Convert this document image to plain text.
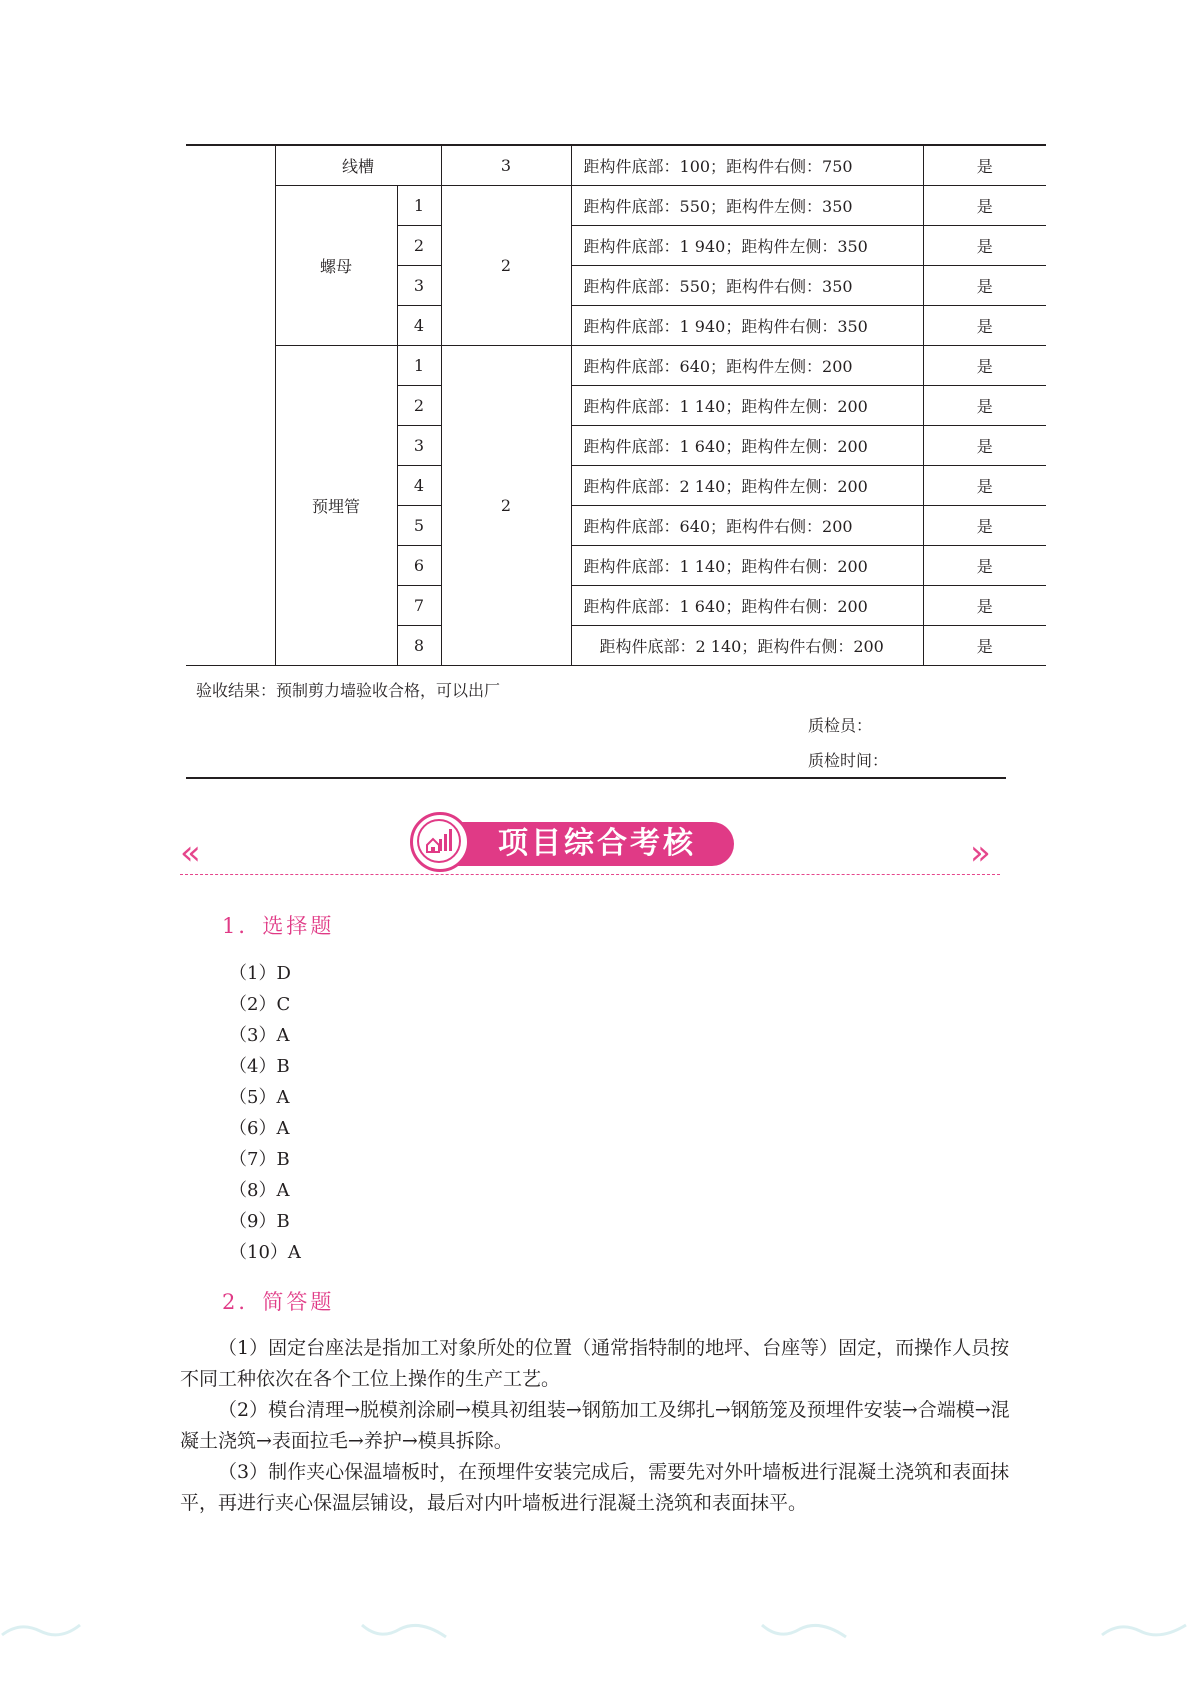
	线槽		3	距构件底部：100；距构件右侧：750	是
	螺母	1	2	距构件底部：550；距构件左侧：350	是
		2		距构件底部：1 940；距构件左侧：350	是
		3		距构件底部：550；距构件右侧：350	是
		4		距构件底部：1 940；距构件右侧：350	是
	预埋管	1	2	距构件底部：640；距构件左侧：200	是
		2		距构件底部：1 140；距构件左侧：200	是
		3		距构件底部：1 640；距构件左侧：200	是
		4		距构件底部：2 140；距构件左侧：200	是
		5		距构件底部：640；距构件右侧：200	是
		6		距构件底部：1 140；距构件右侧：200	是
		7		距构件底部：1 640；距构件右侧：200	是
		8		距构件底部：2 140；距构件右侧：200	是
验收结果：预制剪力墙验收合格，可以出厂
质检员：
质检时间：
«	»
项目综合考核
1．选择题
（1）D
（2）C
（3）A
（4）B
（5）A
（6）A
（7）B
（8）A
（9）B
（10）A
2．简答题

（1）固定台座法是指加工对象所处的位置（通常指特制的地坪、台座等）固定，而操作人员按不同工种依次在各个工位上操作的生产工艺。

（2）模台清理→脱模剂涂刷→模具初组装→钢筋加工及绑扎→钢筋笼及预埋件安装→合端模→混凝土浇筑→表面拉毛→养护→模具拆除。

（3）制作夹心保温墙板时，在预埋件安装完成后，需要先对外叶墙板进行混凝土浇筑和表面抹平，再进行夹心保温层铺设，最后对内叶墙板进行混凝土浇筑和表面抹平。
